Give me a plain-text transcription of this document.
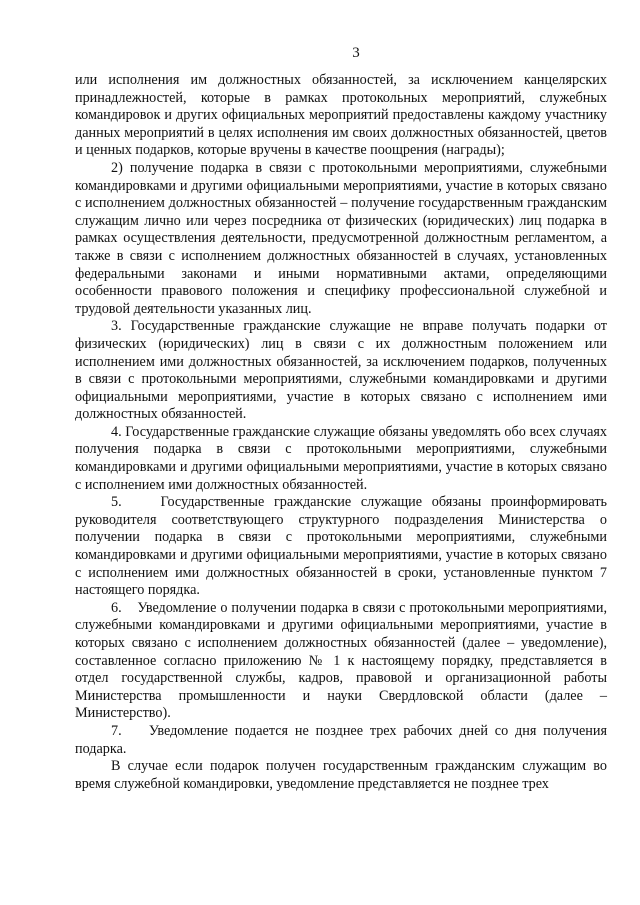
3

или исполнения им должностных обязанностей, за исключением канцелярских принадлежностей, которые в рамках протокольных мероприятий, служебных командировок и других официальных мероприятий предоставлены каждому участнику данных мероприятий в целях исполнения им своих должностных обязанностей, цветов и ценных подарков, которые вручены в качестве поощрения (награды);

2) получение подарка в связи с протокольными мероприятиями, служебными командировками и другими официальными мероприятиями, участие в которых связано с исполнением должностных обязанностей – получение государственным гражданским служащим лично или через посредника от физических (юридических) лиц подарка в рамках осуществления деятельности, предусмотренной должностным регламентом, а также в связи с исполнением должностных обязанностей в случаях, установленных федеральными законами и иными нормативными актами, определяющими особенности правового положения и специфику профессиональной служебной и трудовой деятельности указанных лиц.

3. Государственные гражданские служащие не вправе получать подарки от физических (юридических) лиц в связи с их должностным положением или исполнением ими должностных обязанностей, за исключением подарков, полученных в связи с протокольными мероприятиями, служебными командировками и другими официальными мероприятиями, участие в которых связано с исполнением ими должностных обязанностей.

4. Государственные гражданские служащие обязаны уведомлять обо всех случаях получения подарка в связи с протокольными мероприятиями, служебными командировками и другими официальными мероприятиями, участие в которых связано с исполнением ими должностных обязанностей.

5.    Государственные гражданские служащие обязаны проинформировать руководителя соответствующего структурного подразделения Министерства о получении подарка в связи с протокольными мероприятиями, служебными командировками и другими официальными мероприятиями, участие в которых связано с исполнением ими должностных обязанностей в сроки, установленные пунктом 7 настоящего порядка.

6.    Уведомление о получении подарка в связи с протокольными мероприятиями, служебными командировками и другими официальными мероприятиями, участие в которых связано с исполнением должностных обязанностей (далее – уведомление), составленное согласно приложению № 1 к настоящему порядку, представляется в отдел государственной службы, кадров, правовой и организационной работы Министерства промышленности и науки Свердловской области (далее – Министерство).

7.    Уведомление подается не позднее трех рабочих дней со дня получения подарка.

В случае если подарок получен государственным гражданским служащим во время служебной командировки, уведомление представляется не позднее трех
